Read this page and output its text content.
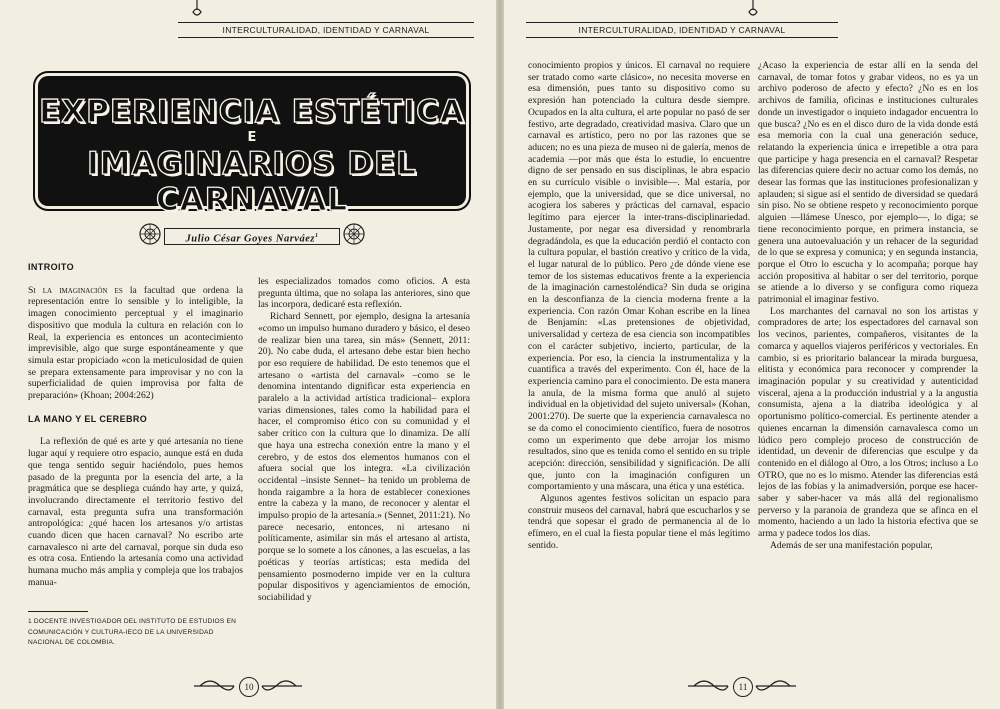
INTERCULTURALIDAD, IDENTIDAD Y CARNAVAL
EXPERIENCIA ESTÉTICA
E
IMAGINARIOS DEL CARNAVAL
Julio César Goyes Narváez$^1$
INTROITO

Si la imaginación es la facultad que ordena la representación entre lo sensible y lo inteligible, la imagen conocimiento perceptual y el imaginario dispositivo que modula la cultura en relación con lo Real, la experiencia es entonces un acontecimiento imprevisible, algo que surge espontáneamente y que simula estar propiciado «con la meticulosidad de quien se prepara extensamente para improvisar y no con la superficialidad de quien improvisa por falta de preparación» (Khoan; 2004:262)

LA MANO Y EL CEREBRO

La reflexión de qué es arte y qué artesanía no tiene lugar aquí y requiere otro espacio, aunque está en duda que tenga sentido seguir haciéndolo, pues hemos pasado de la pregunta por la esencia del arte, a la pragmática que se despliega cuándo hay arte, y quizá, involucrando directamente el territorio festivo del carnaval, esta pregunta sufra una transformación antropológica: ¿qué hacen los artesanos y/o artistas cuando dicen que hacen carnaval? No escribo arte carnavalesco ni arte del carnaval, porque sin duda eso es otra cosa. Entiendo la artesanía como una actividad humana mucho más amplia y compleja que los trabajos manua-

les especializados tomados como oficios. A esta pregunta última, que no solapa las anteriores, sino que las incorpora, dedicaré esta reflexión.

Richard Sennett, por ejemplo, designa la artesanía «como un impulso humano duradero y básico, el deseo de realizar bien una tarea, sin más» (Sennett, 2011: 20). No cabe duda, el artesano debe estar bien hecho por eso requiere de habilidad. De esto tenemos que el artesano o «artista del carnaval» –como se le denomina intentando dignificar esta experiencia en paralelo a la actividad artística tradicional– explora varias dimensiones, tales como la habilidad para el hacer, el compromiso ético con su comunidad y el saber crítico con la cultura que lo dinamiza. De allí que haya una estrecha conexión entre la mano y el cerebro, y de estos dos elementos humanos con el afuera social que los integra. «La civilización occidental –insiste Sennet– ha tenido un problema de honda raigambre a la hora de establecer conexiones entre la cabeza y la mano, de reconocer y alentar el impulso propio de la artesanía.» (Sennet, 2011:21). No parece necesario, entonces, ni artesano ni políticamente, asimilar sin más el artesano al artista, porque se lo somete a los cánones, a las escuelas, a las poéticas y teorías artísticas; esta medida del pensamiento posmoderno impide ver en la cultura popular dispositivos y agenciamientos de emoción, sociabilidad y

1 DOCENTE INVESTIGADOR DEL INSTITUTO DE ESTUDIOS EN COMUNICACIÓN Y CULTURA-IECO DE LA UNIVERSIDAD NACIONAL DE COLOMBIA.
10
INTERCULTURALIDAD, IDENTIDAD Y CARNAVAL

conocimiento propios y únicos. El carnaval no requiere ser tratado como «arte clásico», no necesita moverse en esa dimensión, pues tanto su dispositivo como su expresión han potenciado la cultura desde siempre. Ocupados en la alta cultura, el arte popular no pasó de ser festivo, arte degradado, creatividad masiva. Claro que un carnaval es artístico, pero no por las razones que se aducen; no es una pieza de museo ni de galería, menos de academia —por más que ésta lo estudie, lo encuentre digno de ser pensado en sus disciplinas, le abra espacio en su currículo visible o invisible—. Mal estaría, por ejemplo, que la universidad, que se dice universal, no acogiera los saberes y prácticas del carnaval, espacio legítimo para ejercer la inter-trans-disciplinariedad. Justamente, por negar esa diversidad y renombrarla degradándola, es que la educación perdió el contacto con la cultura popular, el bastión creativo y crítico de la vida, el lugar natural de lo público. Pero ¿de dónde viene ese temor de los sistemas educativos frente a la experiencia de la imaginación carnestoléndica? Sin duda se origina en la desconfianza de la ciencia moderna frente a la experiencia. Con razón Omar Kohan escribe en la línea de Benjamín: «Las pretensiones de objetividad, universalidad y certeza de esa ciencia son incompatibles con el carácter subjetivo, incierto, particular, de la experiencia. Por eso, la ciencia la instrumentaliza y la cuantifica a través del experimento. Con él, hace de la experiencia camino para el conocimiento. De esta manera la anula, de la misma forma que anuló al sujeto individual en la objetividad del sujeto universal» (Kohan, 2001:270). De suerte que la experiencia carnavalesca no se da como el conocimiento científico, fuera de nosotros como un experimento que debe arrojar los mismo resultados, sino que es tenida como el sentido en su triple acepción: dirección, sensibilidad y significación. De allí que, junto con la imaginación configuren un comportamiento y una máscara, una ética y una estética.

Algunos agentes festivos solicitan un espacio para construir museos del carnaval, habrá que escucharlos y se tendrá que sopesar el grado de permanencia al de lo efímero, en el cual la fiesta popular tiene el más legítimo sentido.

¿Acaso la experiencia de estar allí en la senda del carnaval, de tomar fotos y grabar videos, no es ya un archivo poderoso de afecto y efecto? ¿No es en los archivos de familia, oficinas e instituciones culturales donde un investigador o inquieto indagador encuentra lo que busca? ¿No es en el disco duro de la vida donde está esa memoria con la cual una generación seduce, relatando la experiencia única e irrepetible a otra para que participe y haga presencia en el carnaval? Respetar las diferencias quiere decir no actuar como los demás, no desear las formas que las instituciones profesionalizan y aplauden; si sigue así el sentido de diversidad se quedará sin piso. No se obtiene respeto y reconocimiento porque alguien —llámese Unesco, por ejemplo—, lo diga; se tiene reconocimiento porque, en primera instancia, se genera una autoevaluación y un rehacer de la seguridad de lo que se expresa y comunica; y en segunda instancia, porque el Otro lo escucha y lo acompaña; porque hay acción propositiva al habitar o ser del territorio, porque se atiende a lo diverso y se configura como riqueza patrimonial el imaginar festivo.

Los marchantes del carnaval no son los artistas y compradores de arte; los espectadores del carnaval son los vecinos, parientes, compañeros, visitantes de la comarca y aquellos viajeros periféricos y vectoriales. En cambio, si es prioritario balancear la mirada burguesa, elitista y económica para reconocer y comprender la imaginación popular y su creatividad y autenticidad visceral, ajena a la producción industrial y a la angustia consumista, ajena a la diatriba ideológica y al oportunismo político-comercial. Es pertinente atender a quienes encarnan la dimensión carnavalesca como un lúdico pero complejo proceso de construcción de identidad, un devenir de diferencias que esculpe y da contenido en el diálogo al Otro, a los Otros; incluso a Lo OTRO, que no es lo mismo. Atender las diferencias está lejos de las fobias y la animadversión, porque ese hacer-saber y saber-hacer va más allá del regionalismo perverso y la paranoia de grandeza que se afinca en el momento, haciendo a un lado la historia efectiva que se arma y padece todos los días.

Además de ser una manifestación popular,

11
